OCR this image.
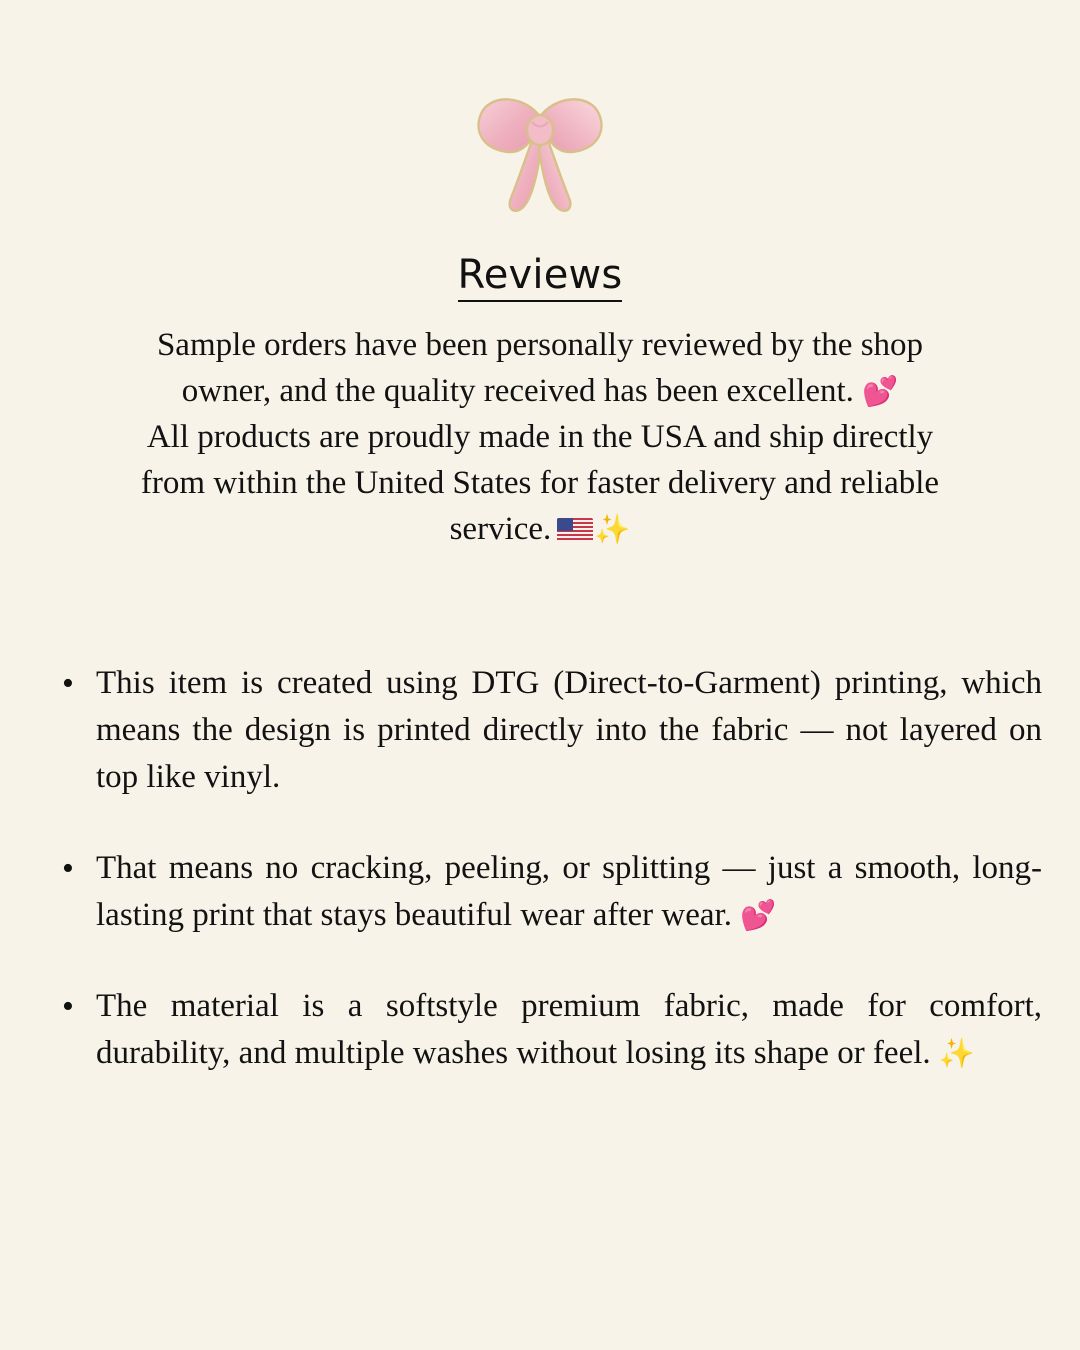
Reviews
Sample orders have been personally reviewed by the shop
owner, and the quality received has been excellent. 💕
All products are proudly made in the USA and ship directly
from within the United States for faster delivery and reliable
service. ✨
• This item is created using DTG (Direct-to-Garment) printing, which means the design is printed directly into the fabric — not layered on top like vinyl.
• That means no cracking, peeling, or splitting — just a smooth, long-lasting print that stays beautiful wear after wear. 💕
• The material is a softstyle premium fabric, made for comfort, durability, and multiple washes without losing its shape or feel. ✨
